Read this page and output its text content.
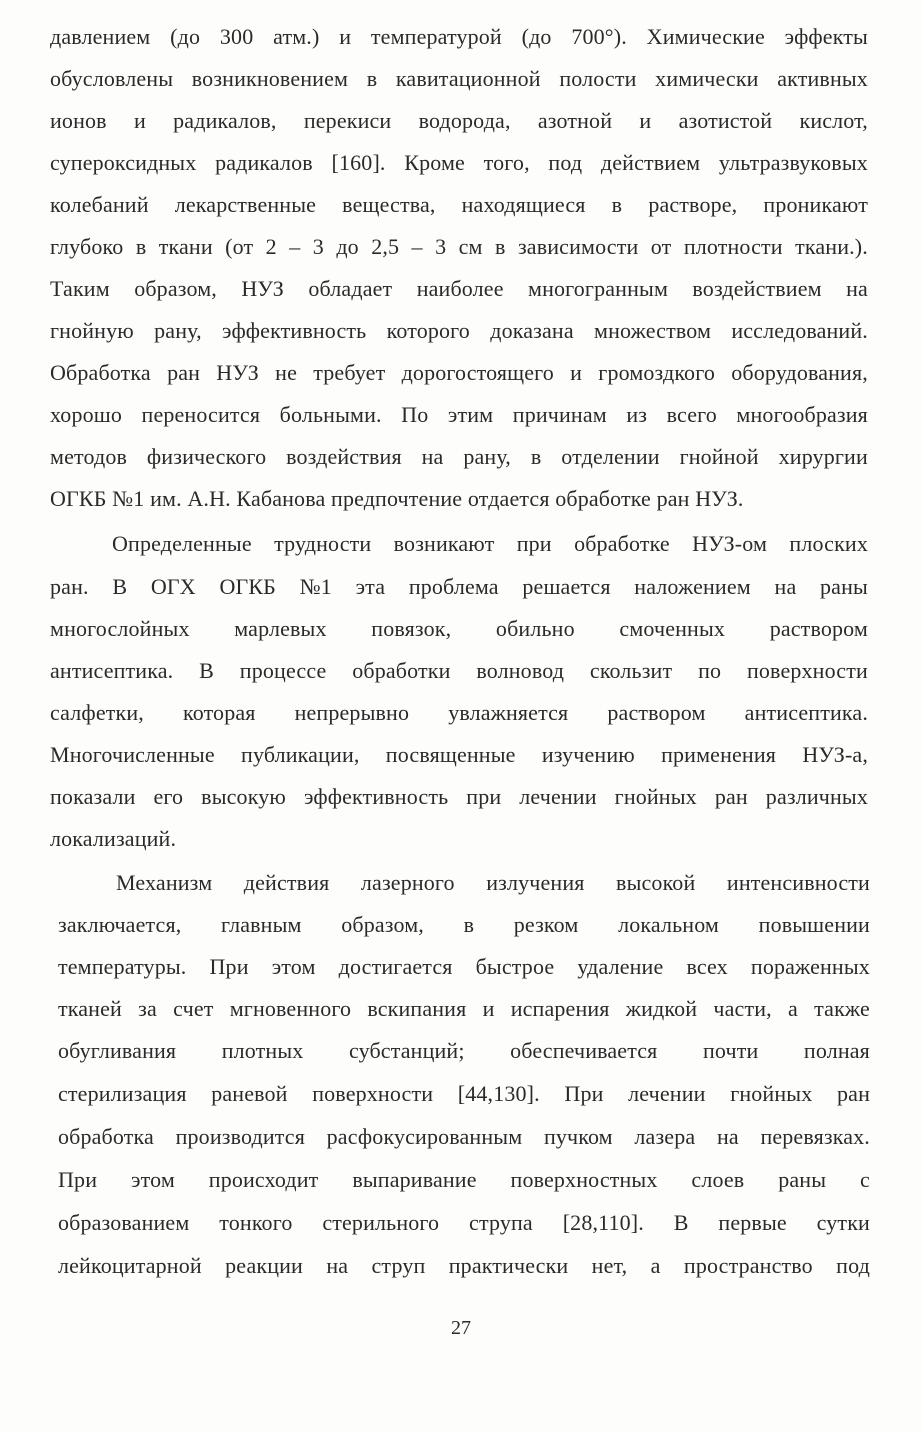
давлением (до 300 атм.) и температурой (до 700°). Химические эффекты
обусловлены возникновением в кавитационной полости химически активных
ионов и радикалов, перекиси водорода, азотной и азотистой кислот,
супероксидных радикалов [160]. Кроме того, под действием ультразвуковых
колебаний лекарственные вещества, находящиеся в растворе, проникают
глубоко в ткани (от 2 – 3 до 2,5 – 3 см в зависимости от плотности ткани.).
Таким образом, НУЗ обладает наиболее многогранным воздействием на
гнойную рану, эффективность которого доказана множеством исследований.
Обработка ран НУЗ не требует дорогостоящего и громоздкого оборудования,
хорошо переносится больными. По этим причинам из всего многообразия
методов физического воздействия на рану, в отделении гнойной хирургии
ОГКБ №1 им. А.Н. Кабанова предпочтение отдается обработке ран НУЗ.
Определенные трудности возникают при обработке НУЗ-ом плоских
ран. В ОГХ ОГКБ №1 эта проблема решается наложением на раны
многослойных марлевых повязок, обильно смоченных раствором
антисептика. В процессе обработки волновод скользит по поверхности
салфетки, которая непрерывно увлажняется раствором антисептика.
Многочисленные публикации, посвященные изучению применения НУЗ-а,
показали его высокую эффективность при лечении гнойных ран различных
локализаций.
Механизм действия лазерного излучения высокой интенсивности
заключается, главным образом, в резком локальном повышении
температуры. При этом достигается быстрое удаление всех пораженных
тканей за счет мгновенного вскипания и испарения жидкой части, а также
обугливания плотных субстанций; обеспечивается почти полная
стерилизация раневой поверхности [44,130]. При лечении гнойных ран
обработка производится расфокусированным пучком лазера на перевязках.
При этом происходит выпаривание поверхностных слоев раны с
образованием тонкого стерильного струпа [28,110]. В первые сутки
лейкоцитарной реакции на струп практически нет, а пространство под
27
